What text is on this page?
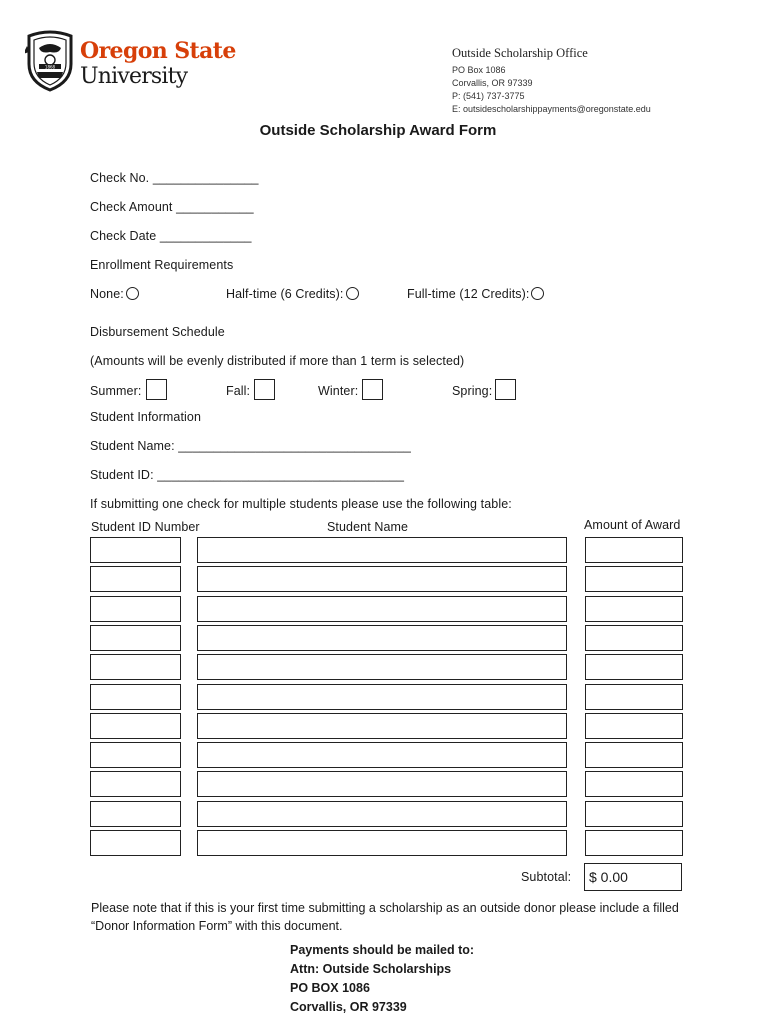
1868
Oregon State
University
Outside Scholarship Office
PO Box 1086
Corvallis, OR 97339
P: (541) 737-3775
E: outsidescholarshippayments@oregonstate.edu
Outside Scholarship Award Form
Check No. _______________
Check Amount ___________
Check Date _____________
Enrollment Requirements
None:	Half-time (6 Credits):	Full-time (12 Credits):
Disbursement Schedule
(Amounts will be evenly distributed if more than 1 term is selected)
Summer:	Fall:	Winter:	Spring:
Student Information
Student Name: _________________________________
Student ID: ___________________________________
If submitting one check for multiple students please use the following table:
Student ID Number	Student Name	Amount of Award
Subtotal:	$ 0.00
Please note that if this is your first time submitting a scholarship as an outside donor please include a filled “Donor Information Form” with this document.
Payments should be mailed to:
Attn: Outside Scholarships
PO BOX 1086
Corvallis, OR 97339
